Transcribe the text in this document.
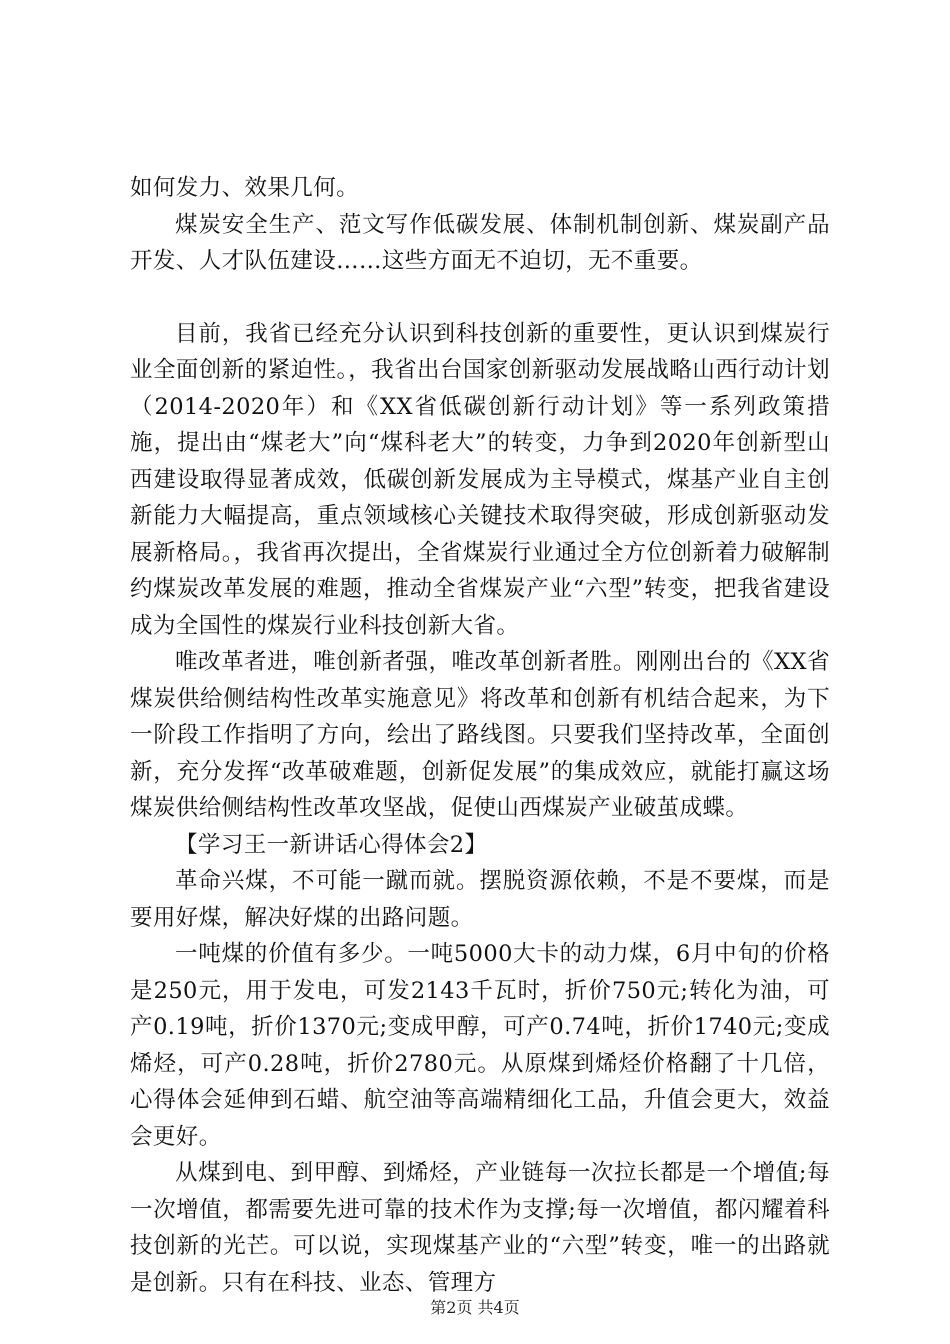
如何发力、效果几何。

煤炭安全生产、范文写作低碳发展、体制机制创新、煤炭副产品开发、人才队伍建设……这些方面无不迫切，无不重要。

目前，我省已经充分认识到科技创新的重要性，更认识到煤炭行业全面创新的紧迫性。，我省出台国家创新驱动发展战略山西行动计划（2014-2020年）和《XX省低碳创新行动计划》等一系列政策措施，提出由“煤老大”向“煤科老大”的转变，力争到2020年创新型山西建设取得显著成效，低碳创新发展成为主导模式，煤基产业自主创新能力大幅提高，重点领域核心关键技术取得突破，形成创新驱动发展新格局。，我省再次提出，全省煤炭行业通过全方位创新着力破解制约煤炭改革发展的难题，推动全省煤炭产业“六型”转变，把我省建设成为全国性的煤炭行业科技创新大省。

唯改革者进，唯创新者强，唯改革创新者胜。刚刚出台的《XX省煤炭供给侧结构性改革实施意见》将改革和创新有机结合起来，为下一阶段工作指明了方向，绘出了路线图。只要我们坚持改革，全面创新，充分发挥“改革破难题，创新促发展”的集成效应，就能打赢这场煤炭供给侧结构性改革攻坚战，促使山西煤炭产业破茧成蝶。

【学习王一新讲话心得体会2】

革命兴煤，不可能一蹴而就。摆脱资源依赖，不是不要煤，而是要用好煤，解决好煤的出路问题。

一吨煤的价值有多少。一吨5000大卡的动力煤，6月中旬的价格是250元，用于发电，可发2143千瓦时，折价750元;转化为油，可产0.19吨，折价1370元;变成甲醇，可产0.74吨，折价1740元;变成烯烃，可产0.28吨，折价2780元。从原煤到烯烃价格翻了十几倍，心得体会延伸到石蜡、航空油等高端精细化工品，升值会更大，效益会更好。

从煤到电、到甲醇、到烯烃，产业链每一次拉长都是一个增值;每一次增值，都需要先进可靠的技术作为支撑;每一次增值，都闪耀着科技创新的光芒。可以说，实现煤基产业的“六型”转变，唯一的出路就是创新。只有在科技、业态、管理方

第2页 共4页
